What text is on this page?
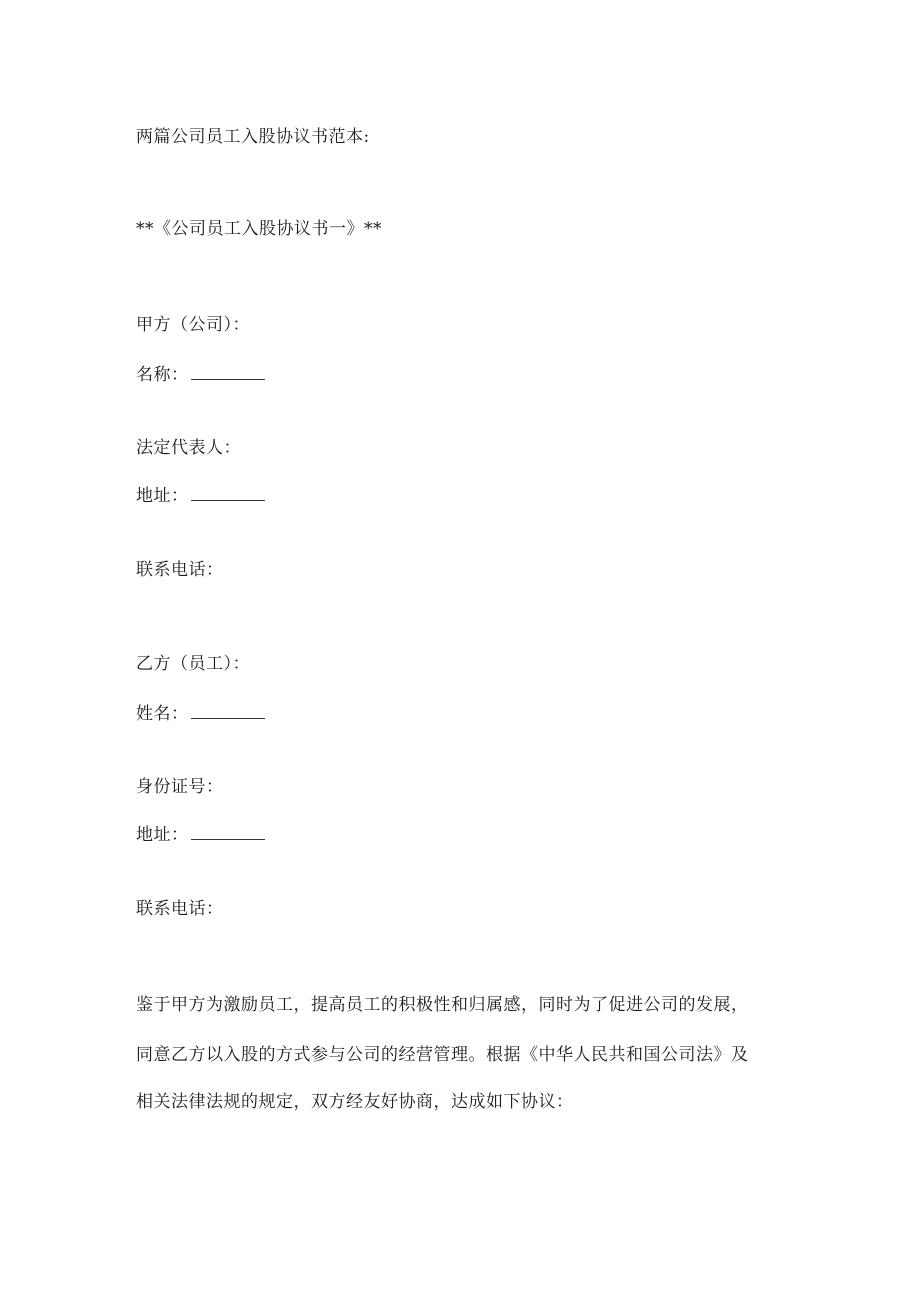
两篇公司员工入股协议书范本:
**《公司员工入股协议书一》**
甲方（公司）：
名称：
法定代表人：
地址：
联系电话：
乙方（员工）：
姓名：
身份证号：
地址：
联系电话：
鉴于甲方为激励员工，提高员工的积极性和归属感，同时为了促进公司的发展，
同意乙方以入股的方式参与公司的经营管理。根据《中华人民共和国公司法》及
相关法律法规的规定，双方经友好协商，达成如下协议：
